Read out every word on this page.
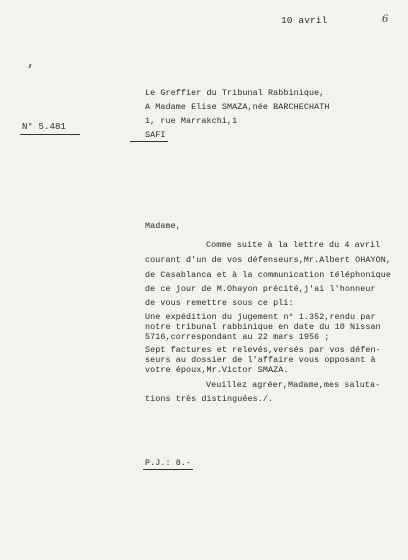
10 avril	6
N° 5.481
Le Greffier du Tribunal Rabbinique,
A Madame Elise SMAZA,née BARCHECHATH
1, rue Marrakchi,1
SAFI
Madame,
Comme suite à la lettre du 4 avril
courant d'un de vos défenseurs,Mr.Albert OHAYON,
de Casablanca et à la communication téléphonique
de ce jour de M.Ohayon précité,j'ai l'honneur
de vous remettre sous ce pli:
Une expédition du jugement n° 1.352,rendu par
notre tribunal rabbinique en date du 10 Nissan
5716,correspondant au 22 mars 1956 ;
Sept factures et relevés,versés par vos défen-
seurs au dossier de l'affaire vous opposant à
votre époux,Mr.Victor SMAZA.
Veuillez agréer,Madame,mes saluta-
tions très distinguées./.
P.J.: 8.-
